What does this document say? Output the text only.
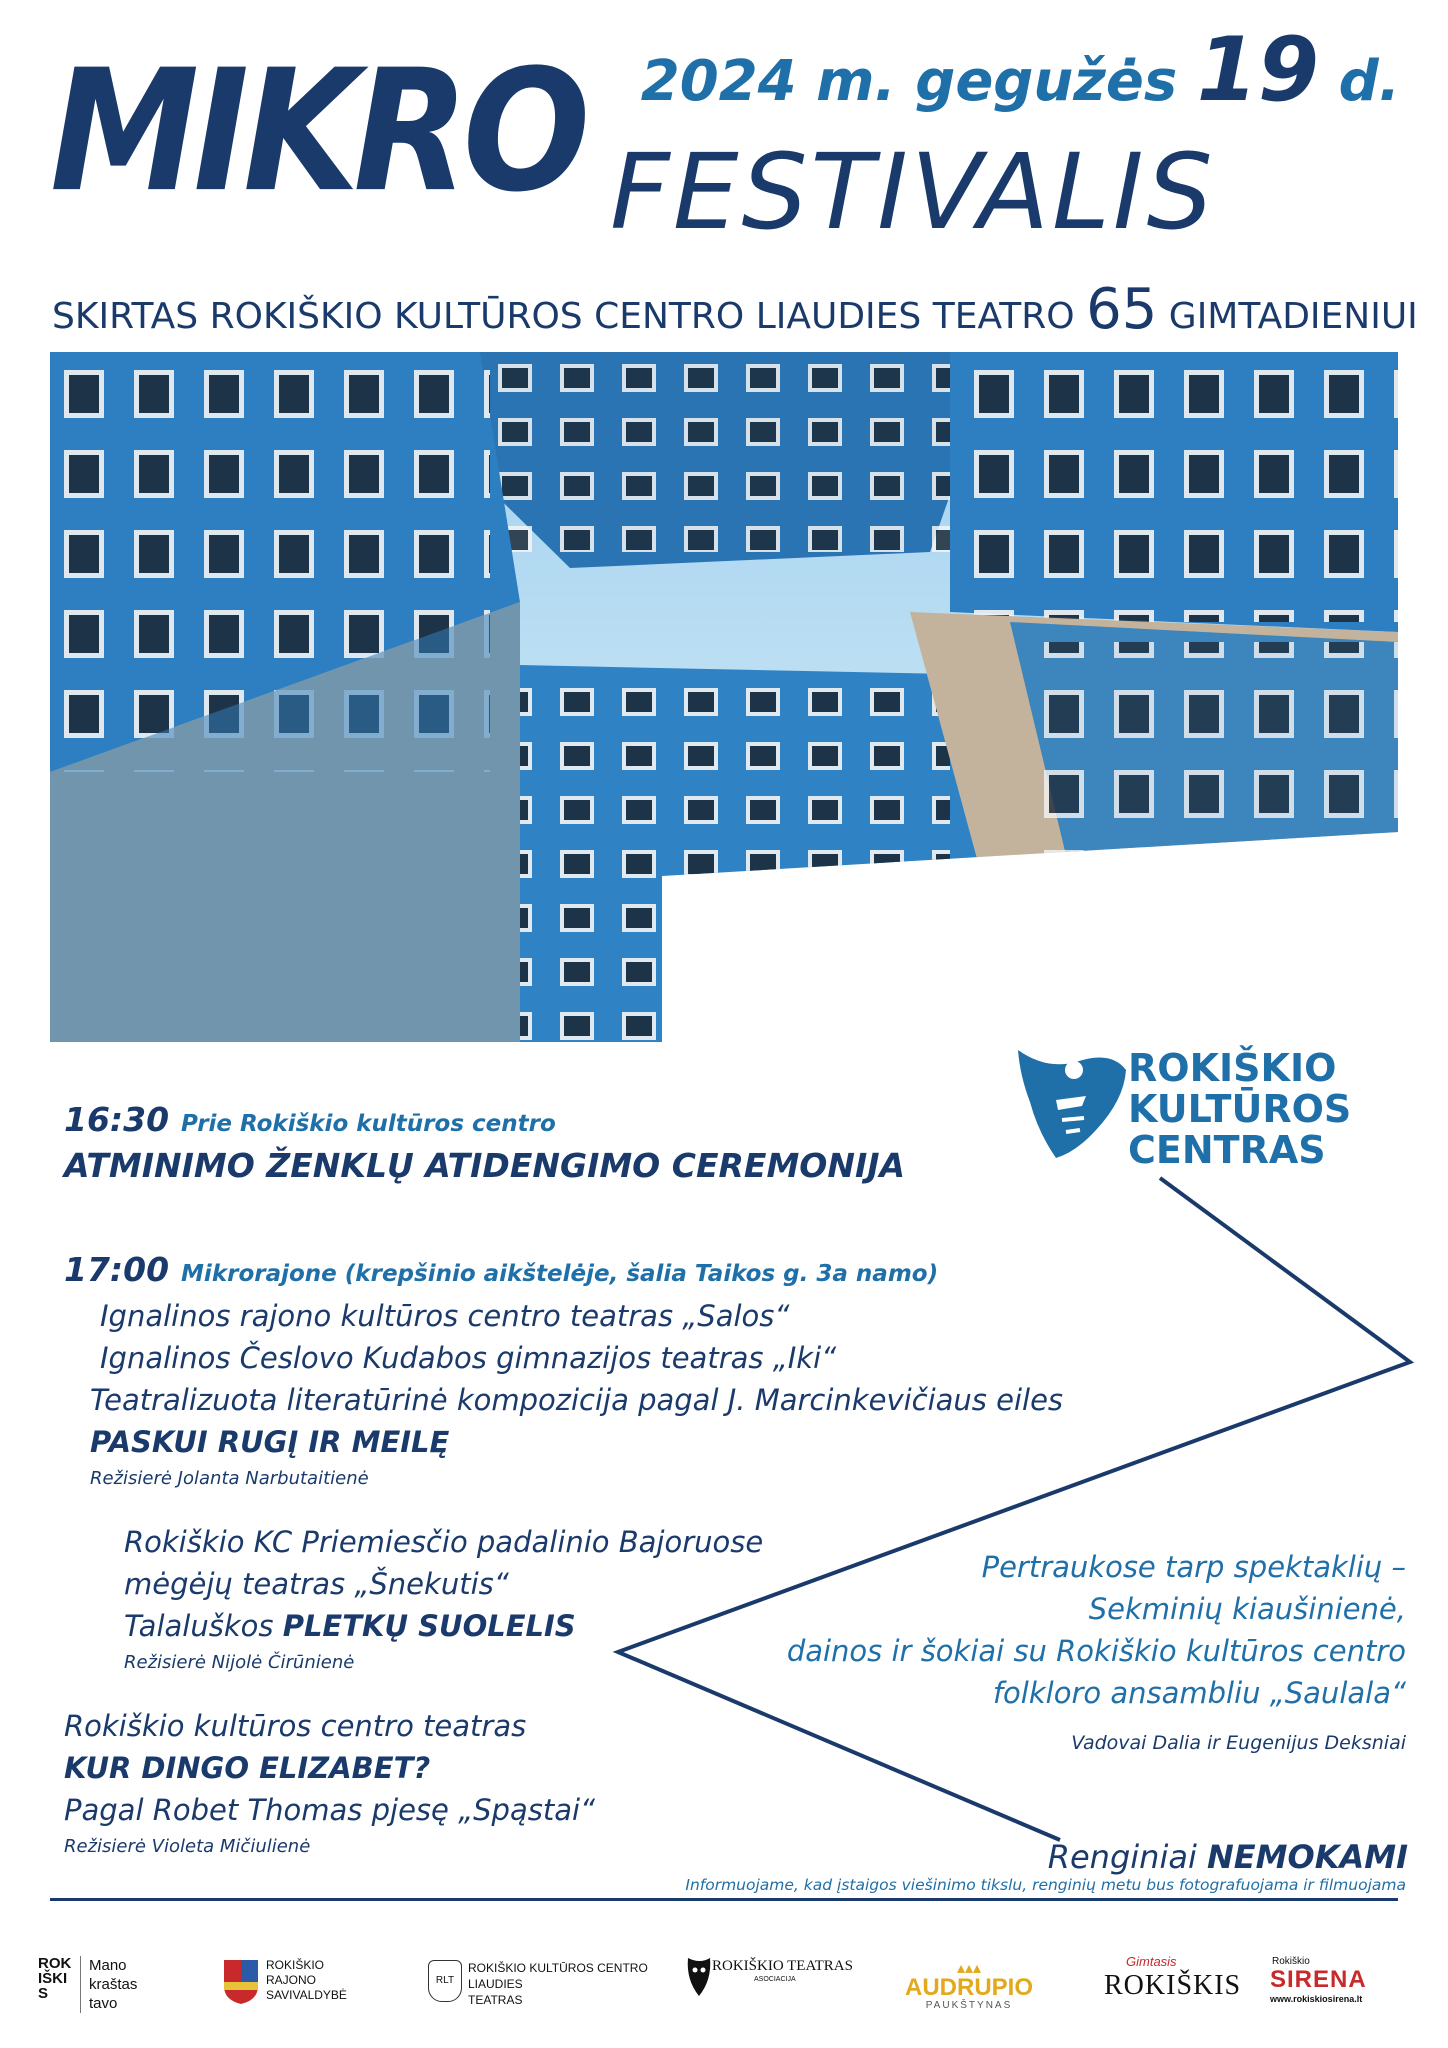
MIKRO 2024 m. gegužės 19 d.
FESTIVALIS
SKIRTAS ROKIŠKIO KULTŪROS CENTRO LIAUDIES TEATRO 65 GIMTADIENIUI
ROKIŠKIO
KULTŪROS
CENTRAS
16:30 Prie Rokiškio kultūros centro
ATMINIMO ŽENKLŲ ATIDENGIMO CEREMONIJA
17:00 Mikrorajone (krepšinio aikštelėje, šalia Taikos g. 3a namo)
Ignalinos rajono kultūros centro teatras „Salos“
Ignalinos Česlovo Kudabos gimnazijos teatras „Iki“
Teatralizuota literatūrinė kompozicija pagal J. Marcinkevičiaus eiles
PASKUI RUGĮ IR MEILĘ
Režisierė Jolanta Narbutaitienė
Rokiškio KC Priemiesčio padalinio Bajoruose
mėgėjų teatras „Šnekutis“
Talaluškos PLETKŲ SUOLELIS
Režisierė Nijolė Čirūnienė
Rokiškio kultūros centro teatras
KUR DINGO ELIZABET?
Pagal Robet Thomas pjesę „Spąstai“
Režisierė Violeta Mičiulienė
Pertraukose tarp spektaklių –
Sekminių kiaušinienė,
dainos ir šokiai su Rokiškio kultūros centro
folkloro ansambliu „Saulala“
Vadovai Dalia ir Eugenijus Deksniai
Renginiai NEMOKAMI
Informuojame, kad įstaigos viešinimo tikslu, renginių metu bus fotografuojama ir filmuojama
ROKIŠKIS
Mano
kraštas
tavo
ROKIŠKIO
RAJONO
SAVIVALDYBĖ
RLT
ROKIŠKIO KULTŪROS CENTRO
LIAUDIES
TEATRAS
ROKIŠKIO TEATRAS
ASOCIACIJA
▴▴▴
AUDRUPIO
PAUKŠTYNAS
Gimtasis
ROKIŠKIS
Rokiškio
SIRENA
www.rokiskiosirena.lt
